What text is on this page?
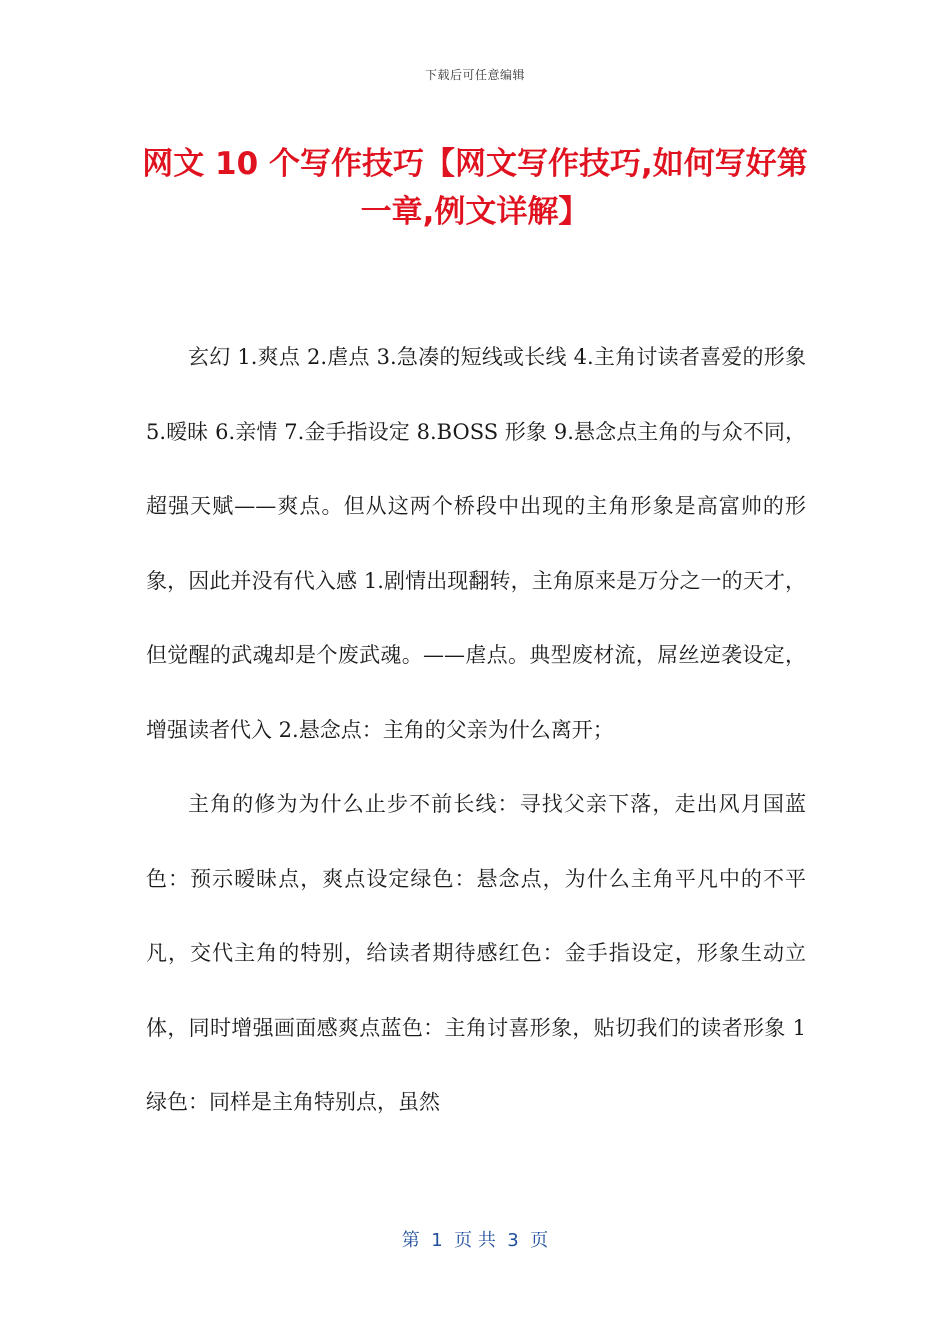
下载后可任意编辑
网文 10 个写作技巧【网文写作技巧,如何写好第一章,例文详解】

玄幻 1.爽点 2.虐点 3.急凑的短线或长线 4.主角讨读者喜爱的形象 5.暧昧 6.亲情 7.金手指设定 8.BOSS 形象 9.悬念点主角的与众不同，超强天赋——爽点。但从这两个桥段中出现的主角形象是高富帅的形象，因此并没有代入感 1.剧情出现翻转，主角原来是万分之一的天才，但觉醒的武魂却是个废武魂。——虐点。典型废材流，屌丝逆袭设定，增强读者代入 2.悬念点：主角的父亲为什么离开；

主角的修为为什么止步不前长线：寻找父亲下落，走出风月国蓝色：预示暧昧点，爽点设定绿色：悬念点，为什么主角平凡中的不平凡，交代主角的特别，给读者期待感红色：金手指设定，形象生动立体，同时增强画面感爽点蓝色：主角讨喜形象，贴切我们的读者形象 1 绿色：同样是主角特别点，虽然

第  1  页 共  3  页
